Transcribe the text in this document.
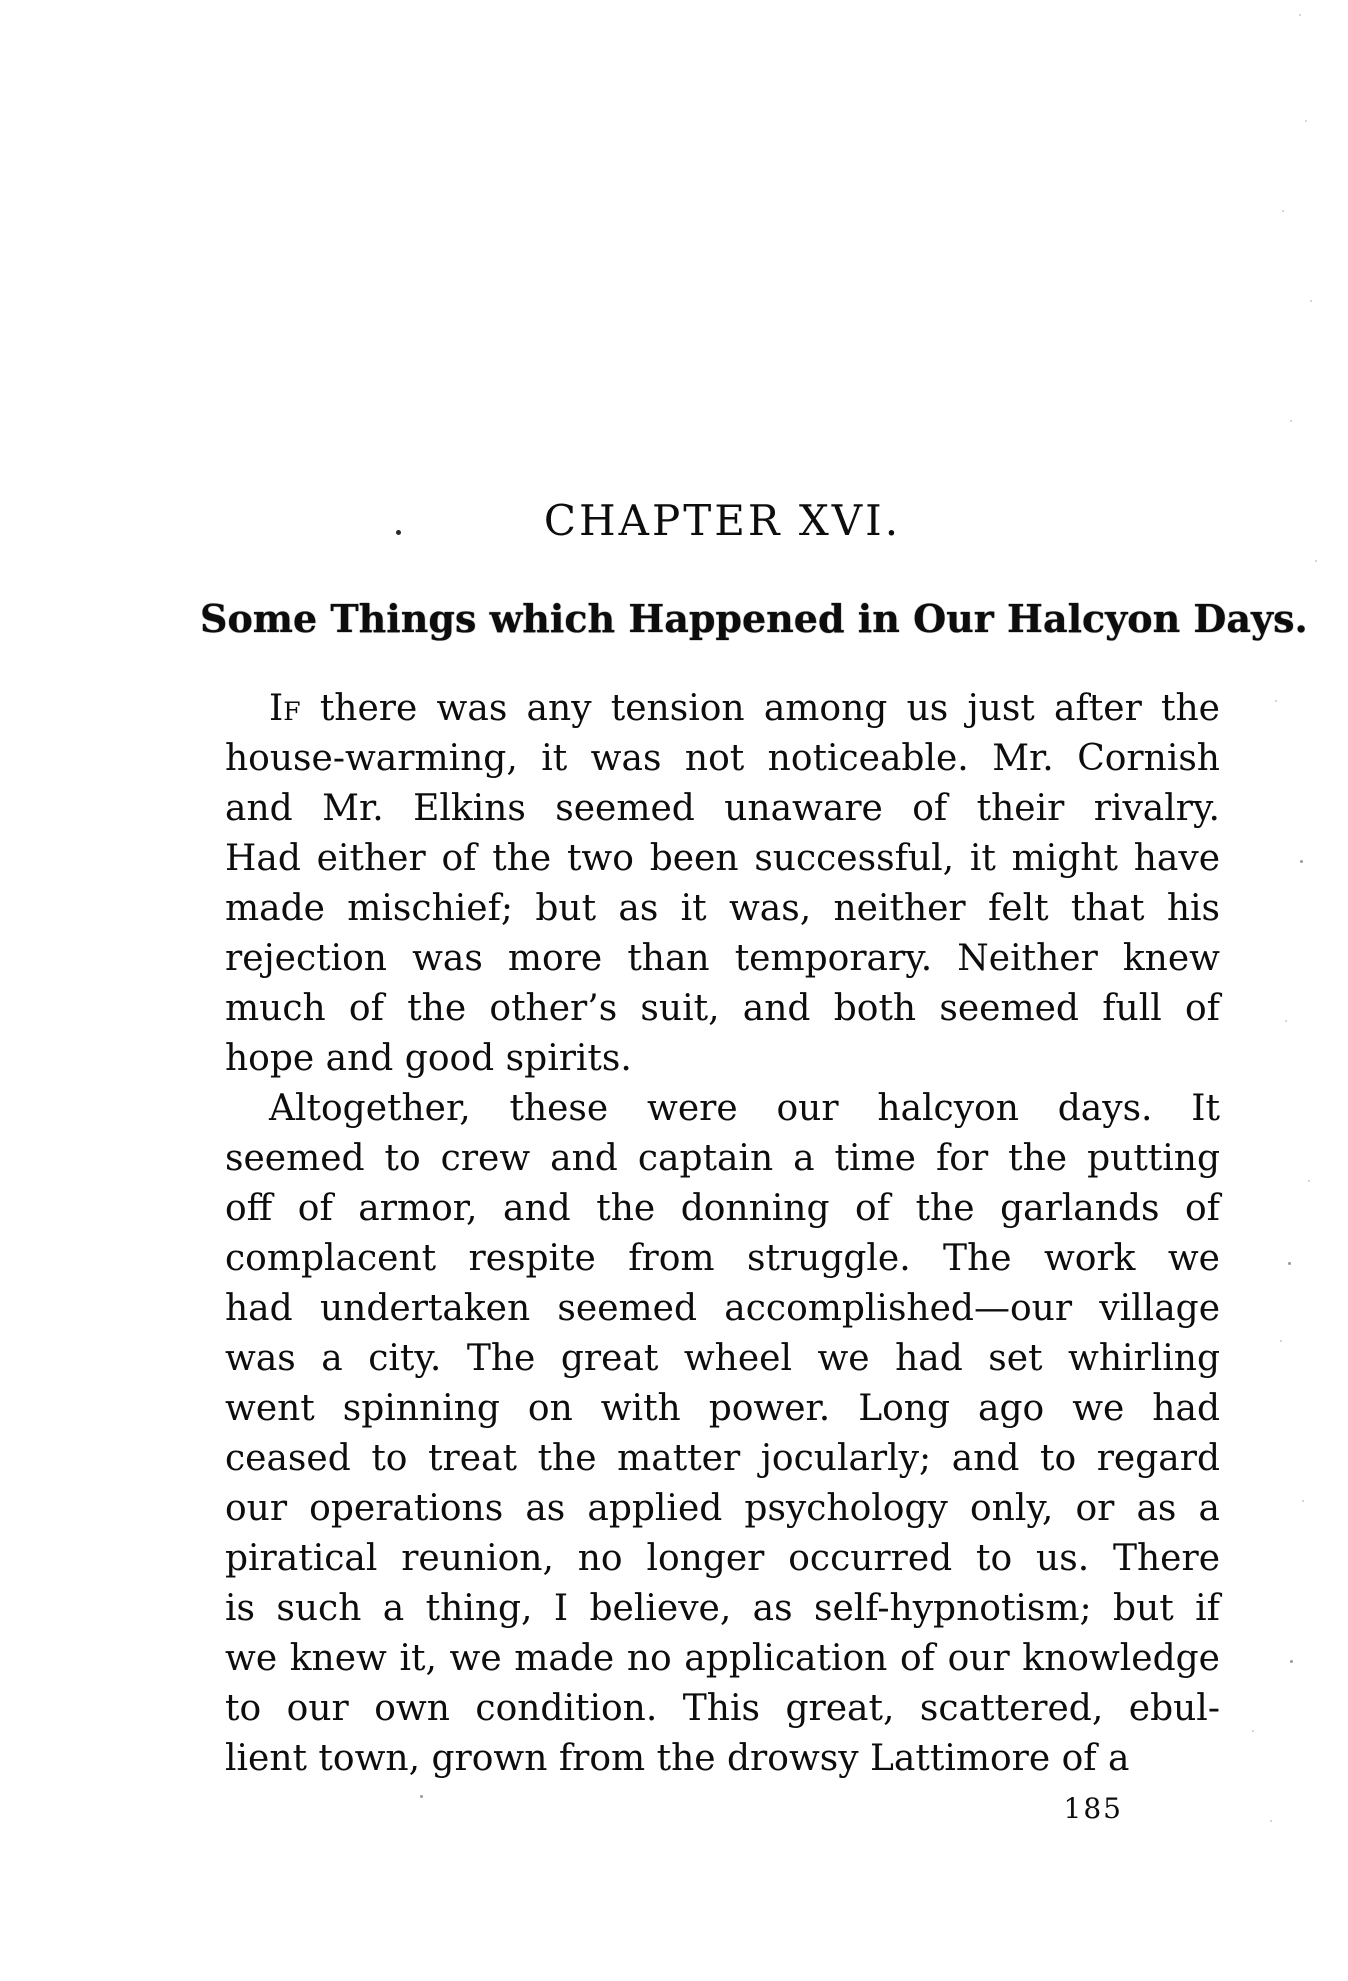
CHAPTER XVI.
Some Things which Happened in Our Halcyon Days.
If there was any tension among us just after the
house-warming, it was not noticeable. Mr. Cornish
and Mr. Elkins seemed unaware of their rivalry.
Had either of the two been successful, it might have
made mischief; but as it was, neither felt that his
rejection was more than temporary. Neither knew
much of the other’s suit, and both seemed full of
hope and good spirits.
Altogether, these were our halcyon days. It
seemed to crew and captain a time for the putting
off of armor, and the donning of the garlands of
complacent respite from struggle. The work we
had undertaken seemed accomplished—our village
was a city. The great wheel we had set whirling
went spinning on with power. Long ago we had
ceased to treat the matter jocularly; and to regard
our operations as applied psychology only, or as a
piratical reunion, no longer occurred to us. There
is such a thing, I believe, as self-hypnotism; but if
we knew it, we made no application of our knowledge
to our own condition. This great, scattered, ebul-
lient town, grown from the drowsy Lattimore of a
185
